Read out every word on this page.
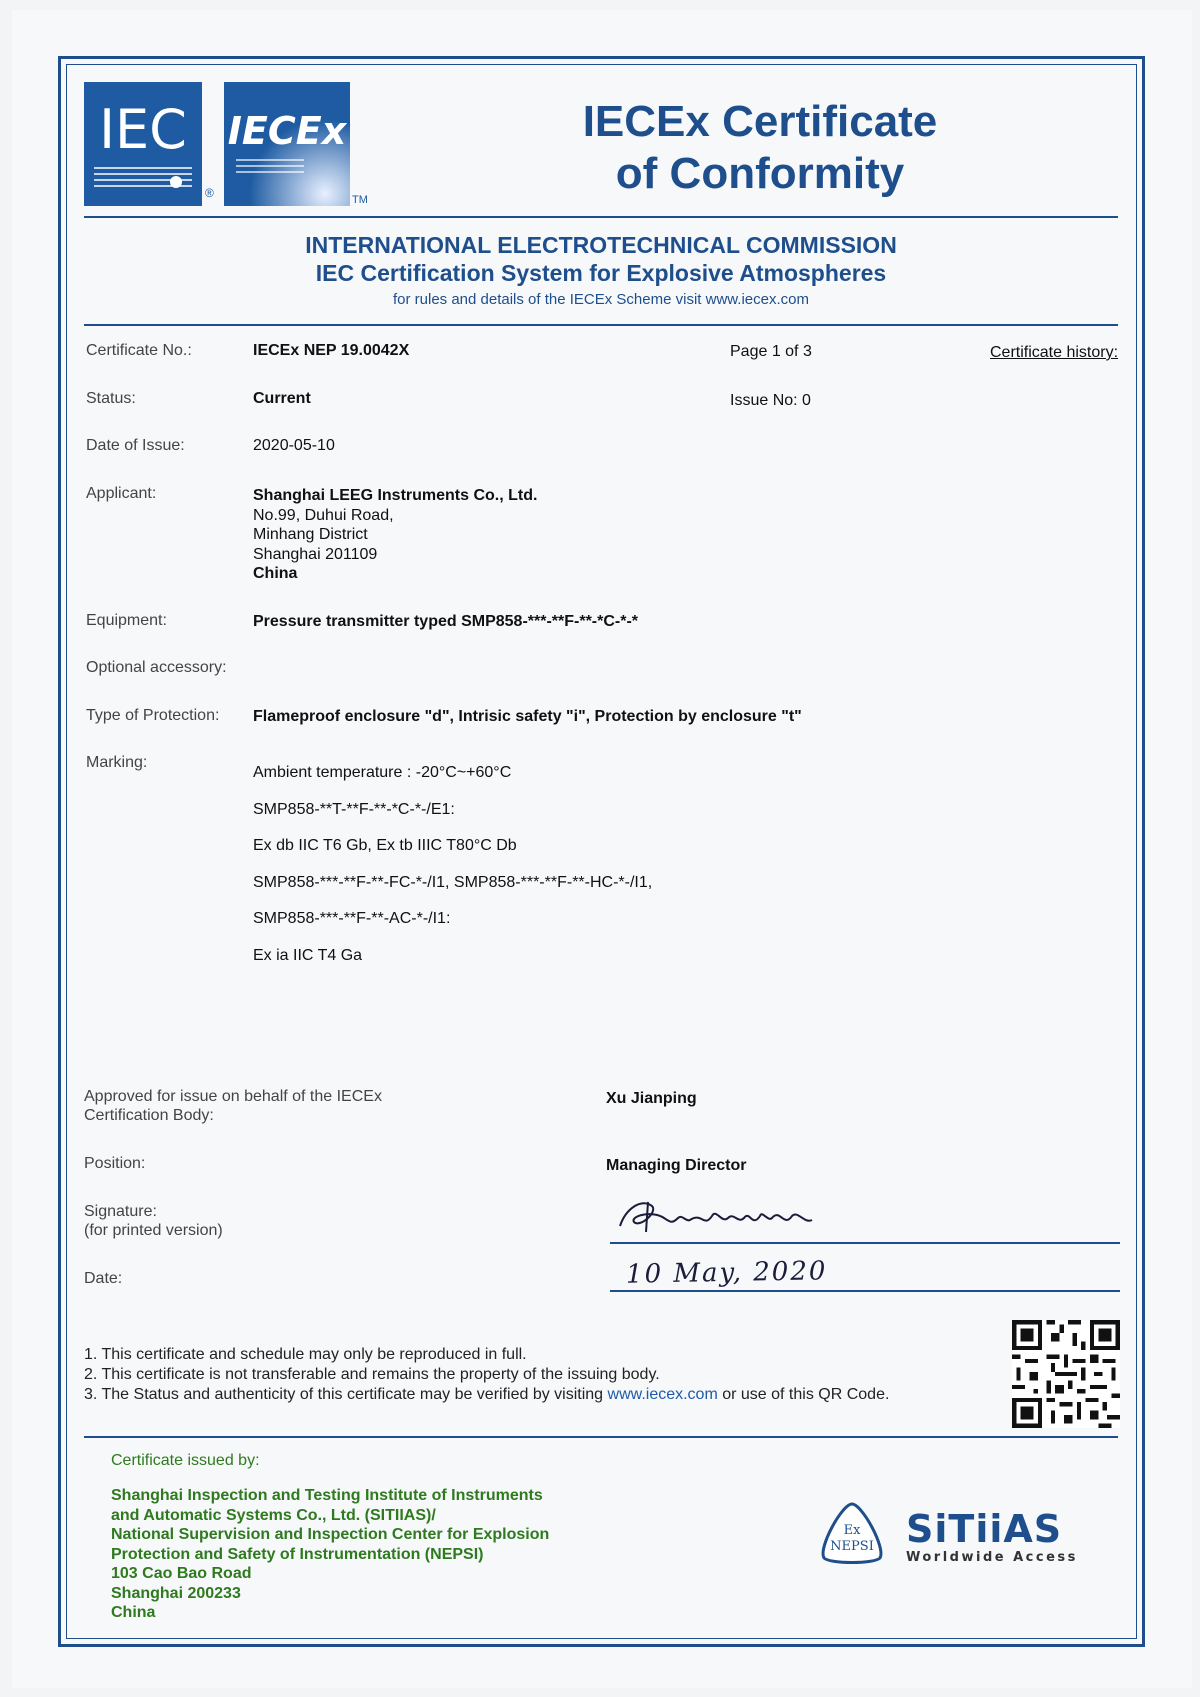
IEC
®
IECEx
TM
IECEx Certificate
of Conformity
INTERNATIONAL ELECTROTECHNICAL COMMISSION
IEC Certification System for Explosive Atmospheres
for rules and details of the IECEx Scheme visit www.iecex.com
Certificate No.:	IECEx NEP 19.0042X	Page 1 of 3	Certificate history:
Status:	Current	Issue No: 0
Date of Issue:	2020-05-10
Applicant:	Shanghai LEEG Instruments Co., Ltd.
No.99, Duhui Road,
Minhang District
Shanghai 201109
China
Equipment:	Pressure transmitter typed SMP858-***-**F-**-*C-*-*
Optional accessory:
Type of Protection: Flameproof enclosure "d", Intrisic safety "i", Protection by enclosure "t"
Marking:
Ambient temperature : -20°C~+60°C
SMP858-**T-**F-**-*C-*-/E1:
Ex db IIC T6 Gb, Ex tb IIIC T80°C Db
SMP858-***-**F-**-FC-*-/I1, SMP858-***-**F-**-HC-*-/I1,
SMP858-***-**F-**-AC-*-/I1:
Ex ia IIC T4 Ga
Approved for issue on behalf of the IECEx
Certification Body:
Xu Jianping
Position:	Managing Director
Signature:
(for printed version)
Date:	10 May, 2020
1. This certificate and schedule may only be reproduced in full.
2. This certificate is not transferable and remains the property of the issuing body.
3. The Status and authenticity of this certificate may be verified by visiting www.iecex.com or use of this QR Code.
Certificate issued by:
Shanghai Inspection and Testing Institute of Instruments
and Automatic Systems Co., Ltd. (SITIIAS)/
National Supervision and Inspection Center for Explosion
Protection and Safety of Instrumentation (NEPSI)
103 Cao Bao Road
Shanghai 200233
China
Ex
NEPSI SiTiiAS
Worldwide Access
